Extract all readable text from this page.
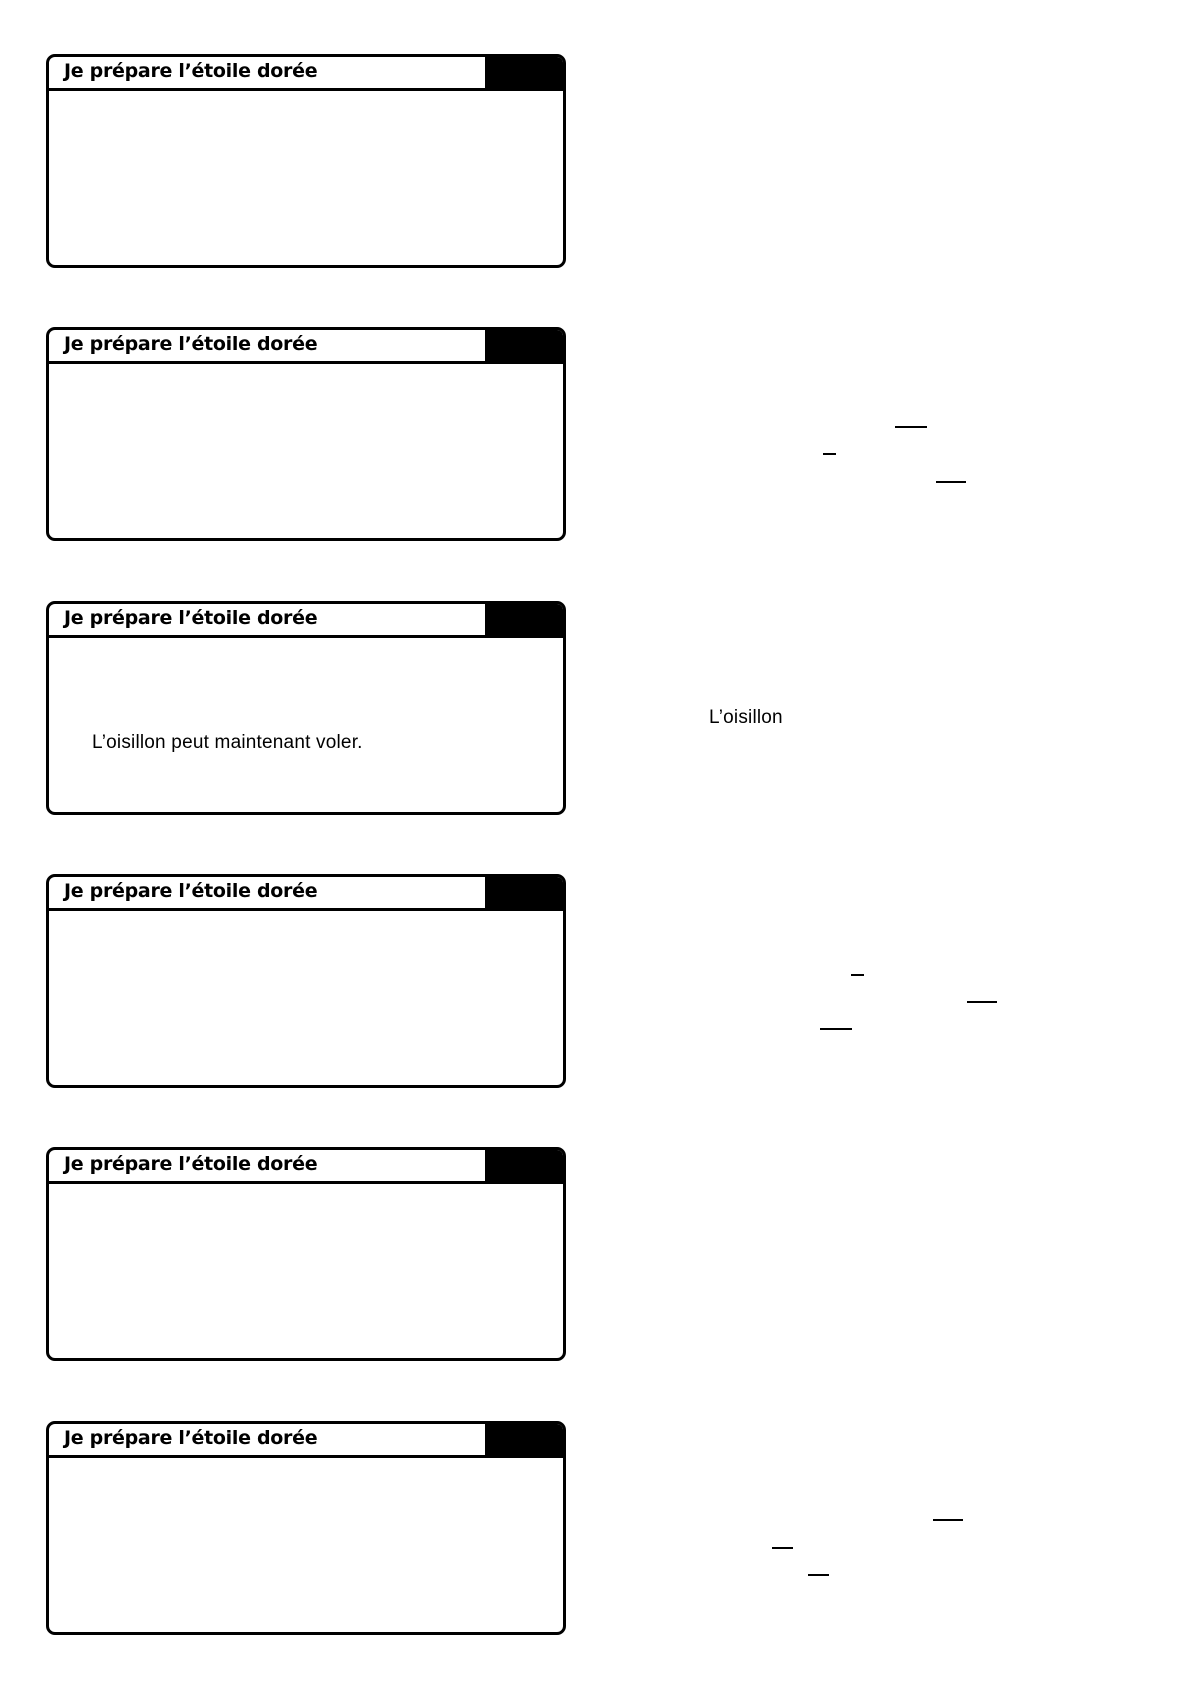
Je prépare l’étoile dorée
Je prépare l’étoile dorée
Je prépare l’étoile dorée
L’oisillon peut maintenant voler.
Je prépare l’étoile dorée
Je prépare l’étoile dorée
Je prépare l’étoile dorée
L’oisillon
